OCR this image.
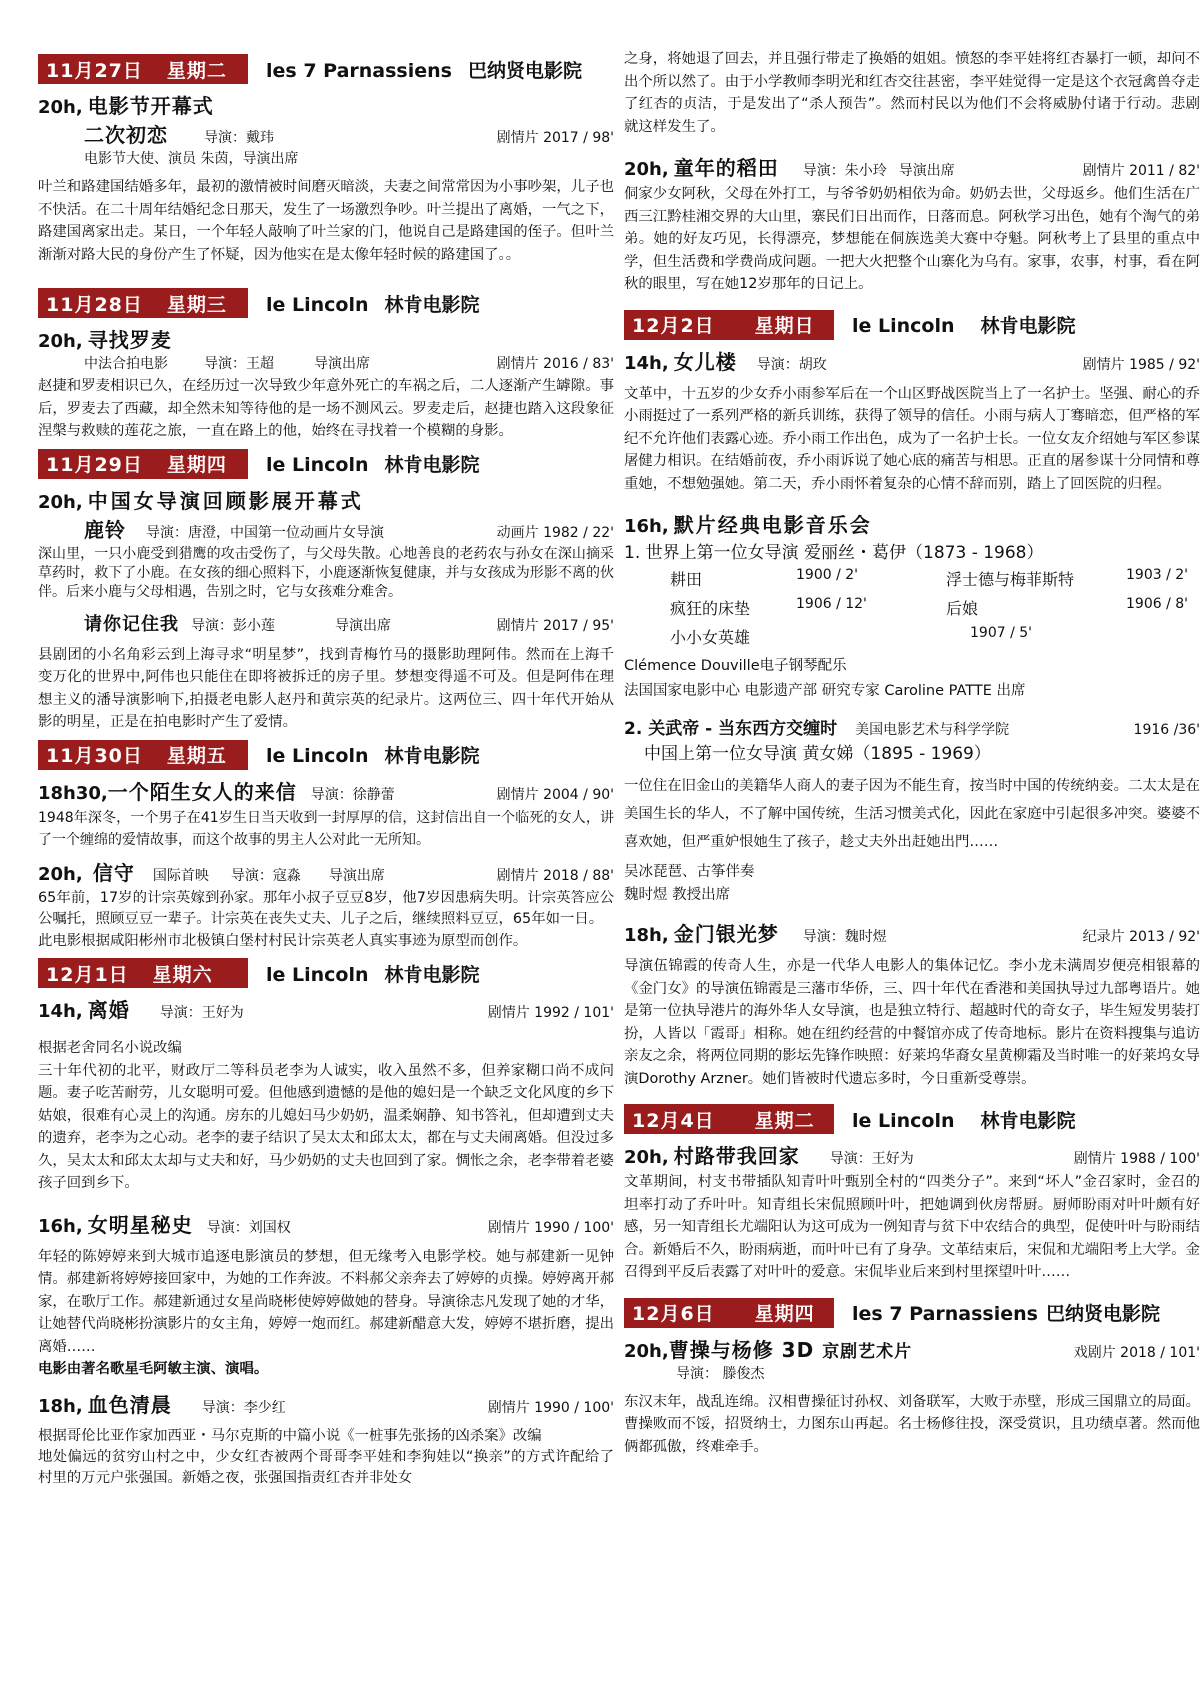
11月27日 星期二 les 7 Parnassiens 巴纳贤电影院
20h,
电影节开幕式
二次初恋	导演：戴玮	剧情片 2017 / 98'
电影节大使、演员 朱茵，导演出席

叶兰和路建国结婚多年，最初的激情被时间磨灭暗淡，夫妻之间常常因为小事吵架，儿子也不快活。在二十周年结婚纪念日那天，发生了一场激烈争吵。叶兰提出了离婚，一气之下，路建国离家出走。某日，一个年轻人敲响了叶兰家的门，他说自己是路建国的侄子。但叶兰渐渐对路大民的身份产生了怀疑，因为他实在是太像年轻时候的路建国了。。

11月28日 星期三 le Lincoln 林肯电影院
20h,
寻找罗麦
中法合拍电影	导演：王超	导演出席	剧情片 2016 / 83'

赵捷和罗麦相识已久，在经历过一次导致少年意外死亡的车祸之后，二人逐渐产生罅隙。事后，罗麦去了西藏，却全然未知等待他的是一场不测风云。罗麦走后，赵捷也踏入这段象征涅槃与救赎的莲花之旅，一直在路上的他，始终在寻找着一个模糊的身影。

11月29日 星期四 le Lincoln 林肯电影院
20h,
中国女导演回顾影展开幕式
鹿铃 导演：唐澄，中国第一位动画片女导演	动画片 1982 / 22'

深山里，一只小鹿受到猎鹰的攻击受伤了，与父母失散。心地善良的老药农与孙女在深山摘采草药时，救下了小鹿。在女孩的细心照料下，小鹿逐渐恢复健康，并与女孩成为形影不离的伙伴。后来小鹿与父母相遇，告别之时，它与女孩难分难舍。

请你记住我 导演：彭小莲	导演出席	剧情片 2017 / 95'

县剧团的小名角彩云到上海寻求“明星梦”，找到青梅竹马的摄影助理阿伟。然而在上海千变万化的世界中,阿伟也只能住在即将被拆迁的房子里。梦想变得遥不可及。但是阿伟在理想主义的潘导演影响下,拍摄老电影人赵丹和黄宗英的纪录片。这两位三、四十年代开始从影的明星，正是在拍电影时产生了爱情。

11月30日 星期五 le Lincoln 林肯电影院
18h30, 一个陌生女人的来信 导演：徐静蕾	剧情片 2004 / 90'

1948年深冬，一个男子在41岁生日当天收到一封厚厚的信，这封信出自一个临死的女人，讲了一个缠绵的爱情故事，而这个故事的男主人公对此一无所知。

20h,
信守 国际首映 导演：寇淼 导演出席	剧情片 2018 / 88'

65年前，17岁的计宗英嫁到孙家。那年小叔子豆豆8岁，他7岁因患病失明。计宗英答应公公嘱托，照顾豆豆一辈子。计宗英在丧失丈夫、儿子之后，继续照料豆豆，65年如一日。

此电影根据咸阳彬州市北极镇白堡村村民计宗英老人真实事迹为原型而创作。

12月1日 星期六	le Lincoln 林肯电影院
14h,
离婚 导演：王好为	剧情片 1992 / 101'

根据老舍同名小说改编

三十年代初的北平，财政厅二等科员老李为人诚实，收入虽然不多，但养家糊口尚不成问题。妻子吃苦耐劳，儿女聪明可爱。但他感到遗憾的是他的媳妇是一个缺乏文化风度的乡下姑娘，很难有心灵上的沟通。房东的儿媳妇马少奶奶，温柔娴静、知书答礼，但却遭到丈夫的遗弃，老李为之心动。老李的妻子结识了吴太太和邱太太，都在与丈夫闹离婚。但没过多久，吴太太和邱太太却与丈夫和好，马少奶奶的丈夫也回到了家。惆怅之余，老李带着老婆孩子回到乡下。

16h,
女明星秘史 导演：刘国权	剧情片 1990 / 100'

年轻的陈婷婷来到大城市追逐电影演员的梦想，但无缘考入电影学校。她与郝建新一见钟情。郝建新将婷婷接回家中，为她的工作奔波。不料郝父亲奔去了婷婷的贞操。婷婷离开郝家，在歌厅工作。郝建新通过女星尚晓彬使婷婷做她的替身。导演徐志凡发现了她的才华，让她替代尚晓彬扮演影片的女主角，婷婷一炮而红。郝建新醋意大发，婷婷不堪折磨，提出离婚……

电影由著名歌星毛阿敏主演、演唱。

18h,
血色清晨 导演：李少红	剧情片 1990 / 100'

根据哥伦比亚作家加西亚・马尔克斯的中篇小说《一桩事先张扬的凶杀案》改编

地处偏远的贫穷山村之中，少女红杏被两个哥哥李平娃和李狗娃以“换亲”的方式许配给了村里的万元户张强国。新婚之夜，张强国指责红杏并非处女

之身，将她退了回去，并且强行带走了换婚的姐姐。愤怒的李平娃将红杏暴打一顿，却问不出个所以然了。由于小学教师李明光和红杏交往甚密，李平娃觉得一定是这个衣冠禽兽夺走了红杏的贞洁，于是发出了“杀人预告”。然而村民以为他们不会将威胁付诸于行动。悲剧就这样发生了。

20h,
童年的稻田 导演：朱小玲 导演出席	剧情片 2011 / 82'

侗家少女阿秋，父母在外打工，与爷爷奶奶相依为命。奶奶去世，父母返乡。他们生活在广西三江黔桂湘交界的大山里，寨民们日出而作，日落而息。阿秋学习出色，她有个淘气的弟弟。她的好友巧见，长得漂亮，梦想能在侗族选美大赛中夺魁。阿秋考上了县里的重点中学，但生活费和学费尚成问题。一把大火把整个山寨化为乌有。家事，农事，村事，看在阿秋的眼里，写在她12岁那年的日记上。

12月2日 星期日 le Lincoln 林肯电影院
14h,
女儿楼 导演：胡玫	剧情片 1985 / 92'

文革中，十五岁的少女乔小雨参军后在一个山区野战医院当上了一名护士。坚强、耐心的乔小雨挺过了一系列严格的新兵训练，获得了领导的信任。小雨与病人丁骞暗恋，但严格的军纪不允许他们表露心迹。乔小雨工作出色，成为了一名护士长。一位女友介绍她与军区参谋屠健力相识。在结婚前夜，乔小雨诉说了她心底的痛苦与相思。正直的屠参谋十分同情和尊重她，不想勉强她。第二天，乔小雨怀着复杂的心情不辞而别，踏上了回医院的归程。

16h,
默片经典电影音乐会
1. 世界上第一位女导演 爱丽丝・葛伊（1873 - 1968）
耕田	1900 / 2'	浮士德与梅菲斯特	1903 / 2'
疯狂的床垫	1906 / 12'	后娘	1906 / 8'
小小女英雄	1907 / 5'
Clémence Douville电子钢琴配乐
法国国家电影中心 电影遗产部 研究专家 Caroline PATTE 出席
2. 关武帝 - 当东西方交缠时 美国电影艺术与科学学院	1916 /36'
中国上第一位女导演 黄女娣（1895 - 1969）

一位住在旧金山的美籍华人商人的妻子因为不能生育，按当时中国的传统纳妾。二太太是在美国生长的华人，不了解中国传统，生活习惯美式化，因此在家庭中引起很多冲突。婆婆不喜欢她，但严重妒恨她生了孩子，趁丈夫外出赶她出門……

吴冰琵琶、古筝伴奏
魏时煜 教授出席
18h,
金门银光梦 导演：魏时煜	纪录片 2013 / 92'

导演伍锦霞的传奇人生，亦是一代华人电影人的集体记忆。李小龙未满周岁便亮相银幕的《金门女》的导演伍锦霞是三藩市华侨，三、四十年代在香港和美国执导过九部粤语片。她是第一位执导港片的海外华人女导演，也是独立特行、超越时代的奇女子，毕生短发男装打扮，人皆以「霞哥」相称。她在纽约经营的中餐馆亦成了传奇地标。影片在资料搜集与追访亲友之余，将两位同期的影坛先锋作映照：好莱坞华裔女星黄柳霜及当时唯一的好莱坞女导演Dorothy Arzner。她们皆被时代遗忘多时，今日重新受尊崇。

12月4日 星期二 le Lincoln 林肯电影院
20h,
村路带我回家 导演：王好为	剧情片 1988 / 100'

文革期间，村支书带插队知青叶叶甄别全村的“四类分子”。来到“坏人”金召家时，金召的坦率打动了乔叶叶。知青组长宋侃照顾叶叶，把她调到伙房帮厨。厨师盼雨对叶叶颇有好感，另一知青组长尤端阳认为这可成为一例知青与贫下中农结合的典型，促使叶叶与盼雨结合。新婚后不久，盼雨病逝，而叶叶已有了身孕。文革结束后，宋侃和尤端阳考上大学。金召得到平反后表露了对叶叶的爱意。宋侃毕业后来到村里探望叶叶……

12月6日 星期四 les 7 Parnassiens 巴纳贤电影院
20h, 曹操与杨修 3D 京剧艺术片	戏剧片 2018 / 101'
导演： 滕俊杰

东汉末年，战乱连绵。汉相曹操征讨孙权、刘备联军，大败于赤壁，形成三国鼎立的局面。曹操败而不馁，招贤纳士，力图东山再起。名士杨修往投，深受赏识，且功绩卓著。然而他俩都孤傲，终难牵手。
